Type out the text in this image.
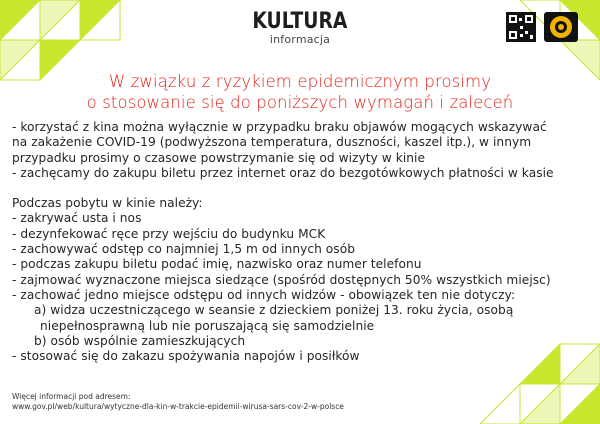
KULTURA
informacja
W związku z ryzykiem epidemicznym prosimy
o stosowanie się do poniższych wymagań i zaleceń

- korzystać z kina można wyłącznie w przypadku braku objawów mogących wskazywać

na zakażenie COVID-19 (podwyższona temperatura, duszności, kaszel itp.), w innym

przypadku prosimy o czasowe powstrzymanie się od wizyty w kinie

- zachęcamy do zakupu biletu przez internet oraz do bezgotówkowych płatności w kasie

Podczas pobytu w kinie należy:

- zakrywać usta i nos

- dezynfekować ręce przy wejściu do budynku MCK

- zachowywać odstęp co najmniej 1,5 m od innych osób

- podczas zakupu biletu podać imię, nazwisko oraz numer telefonu

- zajmować wyznaczone miejsca siedzące (spośród dostępnych 50% wszystkich miejsc)

- zachować jedno miejsce odstępu od innych widzów - obowiązek ten nie dotyczy:

a) widza uczestniczącego w seansie z dzieckiem poniżej 13. roku życia, osobą

niepełnosprawną lub nie poruszającą się samodzielnie

b) osób wspólnie zamieszkujących

- stosować się do zakazu spożywania napojów i posiłków

Więcej informacji pod adresem:
www.gov.pl/web/kultura/wytyczne-dla-kin-w-trakcie-epidemii-wirusa-sars-cov-2-w-polsce
